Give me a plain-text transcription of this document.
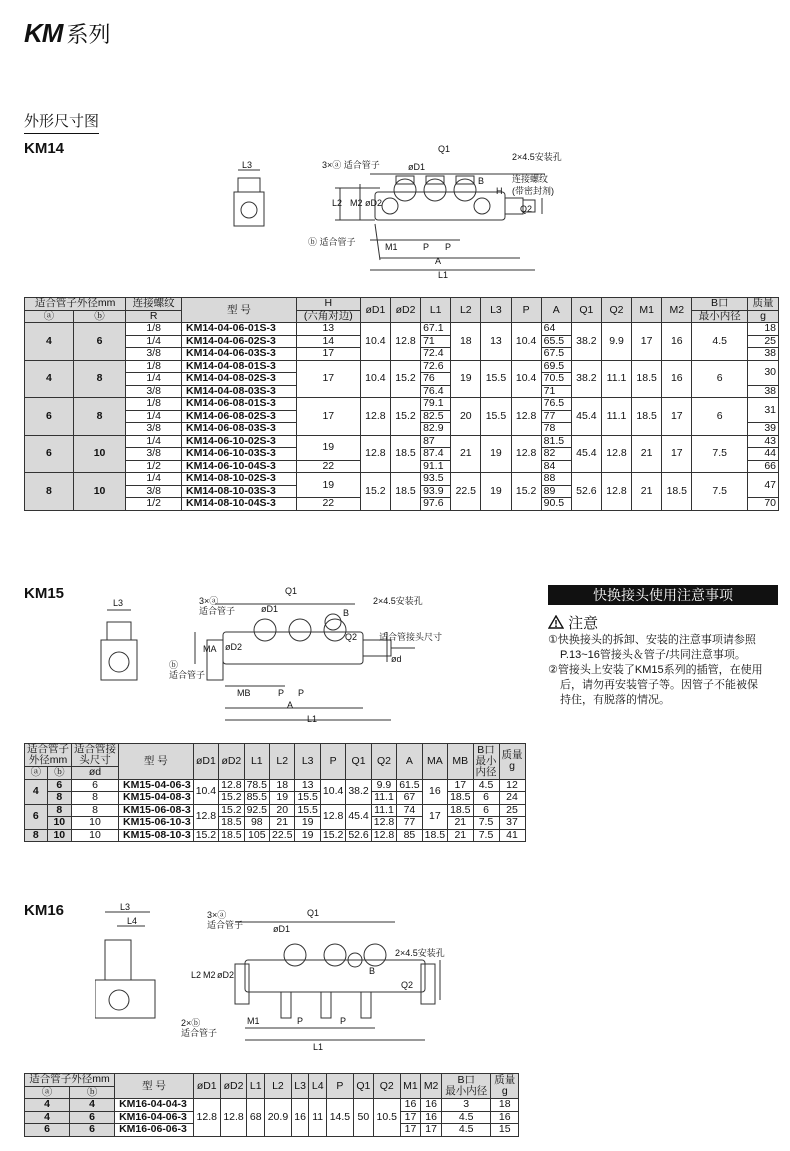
KM 系列
外形尺寸图
KM14
L3
Q1
3×ⓐ 适合管子	øD1
2×4.5安装孔
B	连接螺纹
(带密封剂)
H
Q2
L2 M2 øD2
ⓑ 适合管子	M1	P P
A
L1
适合管子外径mm		连接螺纹	型 号	H	øD1	øD2	L1	L2	L3	P	A	Q1	Q2	M1	M2	B口	质量
ⓐ	ⓑ	R		(六角对边)												最小内径	g
4	6	1/8	KM14-04-06-01S-3	13	10.4	12.8	67.1	18	13	10.4	64	38.2	9.9	17	16	4.5	18
		1/4	KM14-04-06-02S-3	14			71				65.5						25
		3/8	KM14-04-06-03S-3	17			72.4				67.5						38
4	8	1/8	KM14-04-08-01S-3	17	10.4	15.2	72.6	19	15.5	10.4	69.5	38.2	11.1	18.5	16	6	30
		1/4	KM14-04-08-02S-3				76				70.5						
		3/8	KM14-04-08-03S-3				76.4				71						38
6	8	1/8	KM14-06-08-01S-3	17	12.8	15.2	79.1	20	15.5	12.8	76.5	45.4	11.1	18.5	17	6	31
		1/4	KM14-06-08-02S-3				82.5				77						
		3/8	KM14-06-08-03S-3				82.9				78						39
6	10	1/4	KM14-06-10-02S-3	19	12.8	18.5	87	21	19	12.8	81.5	45.4	12.8	21	17	7.5	43
		3/8	KM14-06-10-03S-3				87.4				82						44
		1/2	KM14-06-10-04S-3	22			91.1				84						66
8	10	1/4	KM14-08-10-02S-3	19	15.2	18.5	93.5	22.5	19	15.2	88	52.6	12.8	21	18.5	7.5	47
		3/8	KM14-08-10-03S-3				93.9				89						
		1/2	KM14-08-10-04S-3	22			97.6				90.5						70
KM15
L3
Q1
3×ⓐ
适合管子	øD1
2×4.5安装孔
B
Q2 适合管接头尺寸
ød
MA øD2
ⓑ
适合管子
MB	P P
A
L1
适合管子
外径mm		适合管接
头尺寸	型 号	øD1	øD2	L1	L2	L3	P	Q1	Q2	A	MA	MB	B口
最小
内径	质量
g
ⓐ	ⓑ	ød														
4	6	6	KM15-04-06-3	10.4	12.8	78.5	18	13	10.4	38.2	9.9	61.5	16	17	4.5	12
	8	8	KM15-04-08-3		15.2	85.5	19	15.5			11.1	67		18.5	6	24
6	8	8	KM15-06-08-3	12.8	15.2	92.5	20	15.5	12.8	45.4	11.1	74	17	18.5	6	25
	10	10	KM15-06-10-3		18.5	98	21	19			12.8	77		21	7.5	37
8	10	10	KM15-08-10-3	15.2	18.5	105	22.5	19	15.2	52.6	12.8	85	18.5	21	7.5	41
快换接头使用注意事项
注意

①快换接头的拆卸、安装的注意事项请参照

P.13~16管接头＆管子/共同注意事项。

②管接头上安装了KM15系列的插管，在使用

后，请勿再安装管子等。因管子不能被保

持住，有脱落的情况。

KM16	L3
L4
3×ⓐ
适合管子
Q1
øD1
2×4.5安装孔
B
L2 M2 øD2
Q2
2×ⓑ
适合管子
M1	P	P
L1
适合管子外径mm		型 号	øD1	øD2	L1	L2	L3	L4	P	Q1	Q2	M1	M2	B口
最小内径	质量
g
ⓐ	ⓑ														
4	4	KM16-04-04-3	12.8	12.8	68	20.9	16	11	14.5	50	10.5	16	16	3	18
4	6	KM16-04-06-3										17	16	4.5	16
6	6	KM16-06-06-3										17	17	4.5	15
